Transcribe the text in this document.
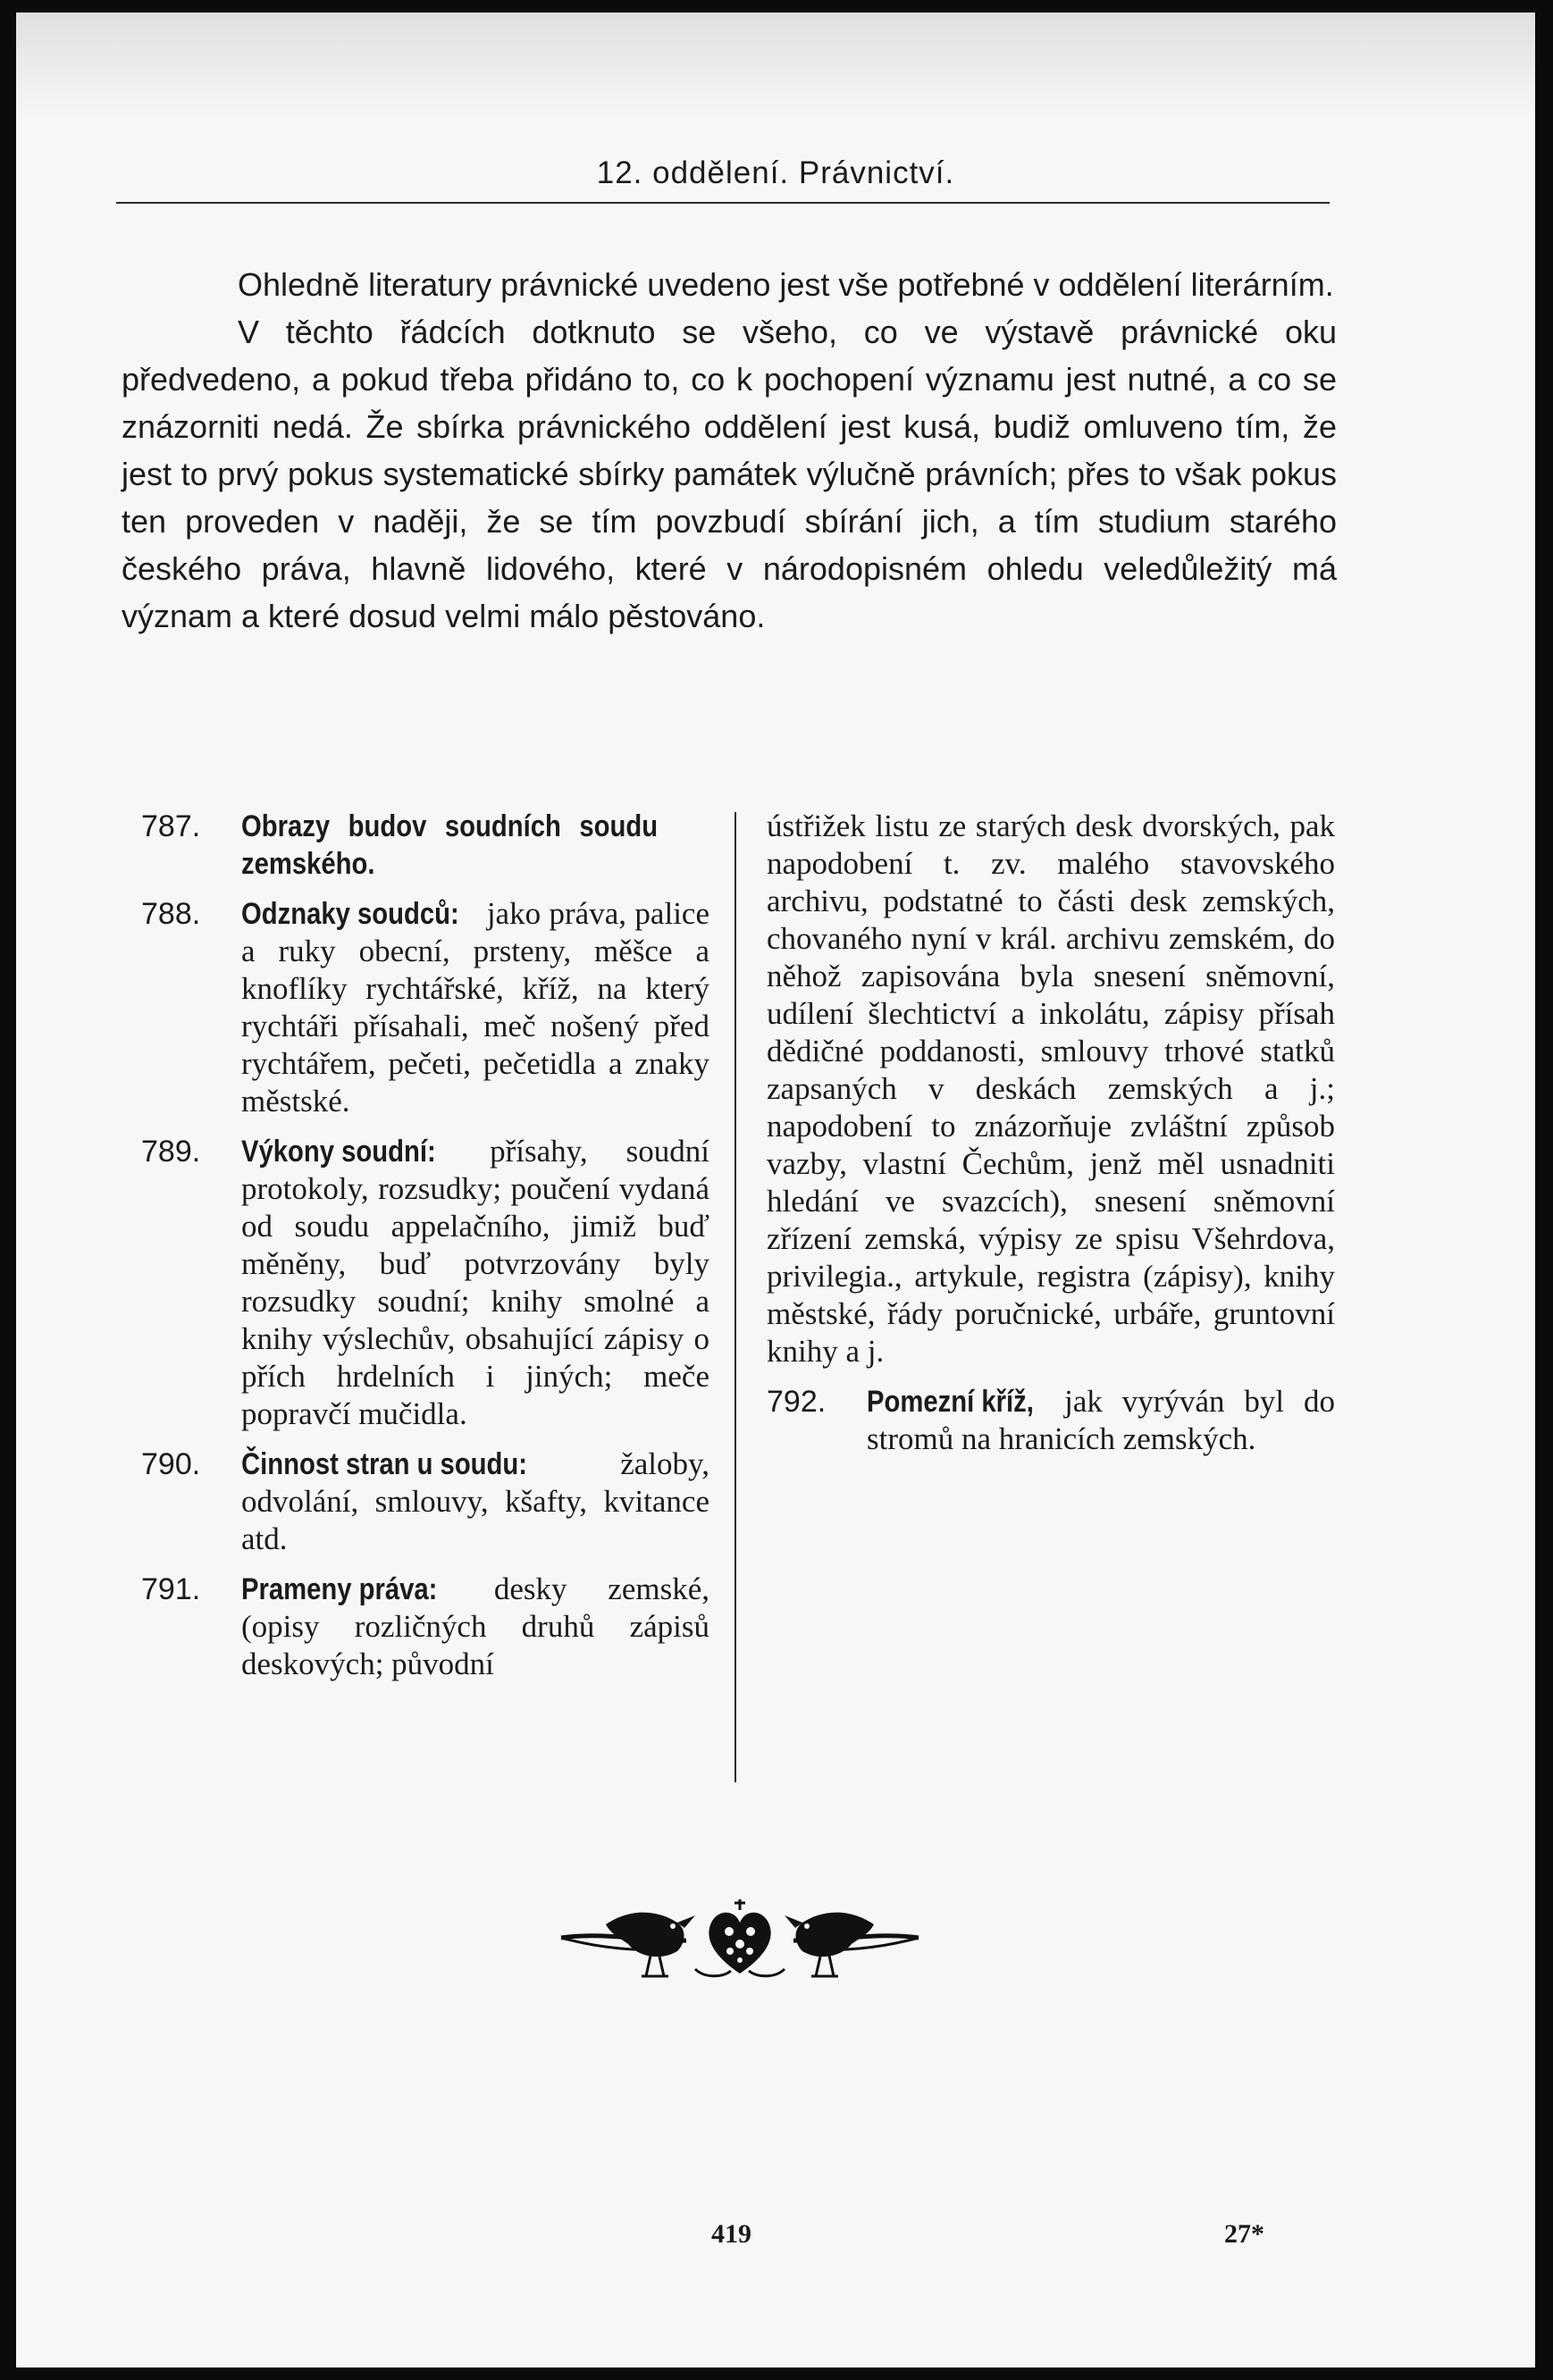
12. oddělení. Právnictví.

Ohledně literatury právnické uvedeno jest vše potřebné v oddělení literárním.

V těchto řádcích dotknuto se všeho, co ve výstavě právnické oku předvedeno, a pokud třeba přidáno to, co k pochopení významu jest nutné, a co se znázorniti nedá. Že sbírka právnického oddělení jest kusá, budiž omluveno tím, že jest to prvý pokus systematické sbírky památek výlučně právních; přes to však pokus ten proveden v naději, že se tím povzbudí sbírání jich, a tím studium starého českého práva, hlavně lidového, které v národopisném ohledu veledůležitý má význam a které dosud velmi málo pěstováno.

787.	Obrazy budov soudních soudu zemského.
788.	Odznaky soudců: jako práva, palice a ruky obecní, prsteny, měšce a knoflíky rychtářské, kříž, na který rychtáři přísahali, meč nošený před rychtářem, pečeti, pečetidla a znaky městské.
789.	Výkony soudní: přísahy, soudní protokoly, rozsudky; poučení vydaná od soudu appelačního, jimiž buď měněny, buď potvrzovány byly rozsudky soudní; knihy smolné a knihy výslechův, obsahující zápisy o přích hrdelních i jiných; meče popravčí mučidla.
790.	Činnost stran u soudu: žaloby, odvolání, smlouvy, kšafty, kvitance atd.
791.	Prameny práva: desky zemské, (opisy rozličných druhů zápisů deskových; původní
ústřižek listu ze starých desk dvorských, pak napodobení t. zv. malého stavovského archivu, podstatné to části desk zemských, chovaného nyní v král. archivu zemském, do něhož zapisována byla snesení sněmovní, udílení šlechtictví a inkolátu, zápisy přísah dědičné poddanosti, smlouvy trhové statků zapsaných v deskách zemských a j.; napodobení to znázorňuje zvláštní způsob vazby, vlastní Čechům, jenž měl usnadniti hledání ve svazcích), snesení sněmovní zřízení zemská, výpisy ze spisu Všehrdova, privilegia., artykule, registra (zápisy), knihy městské, řády poručnické, urbáře, gruntovní knihy a j.
792.	Pomezní kříž, jak vyrýván byl do stromů na hranicích zemských.
419	27*
